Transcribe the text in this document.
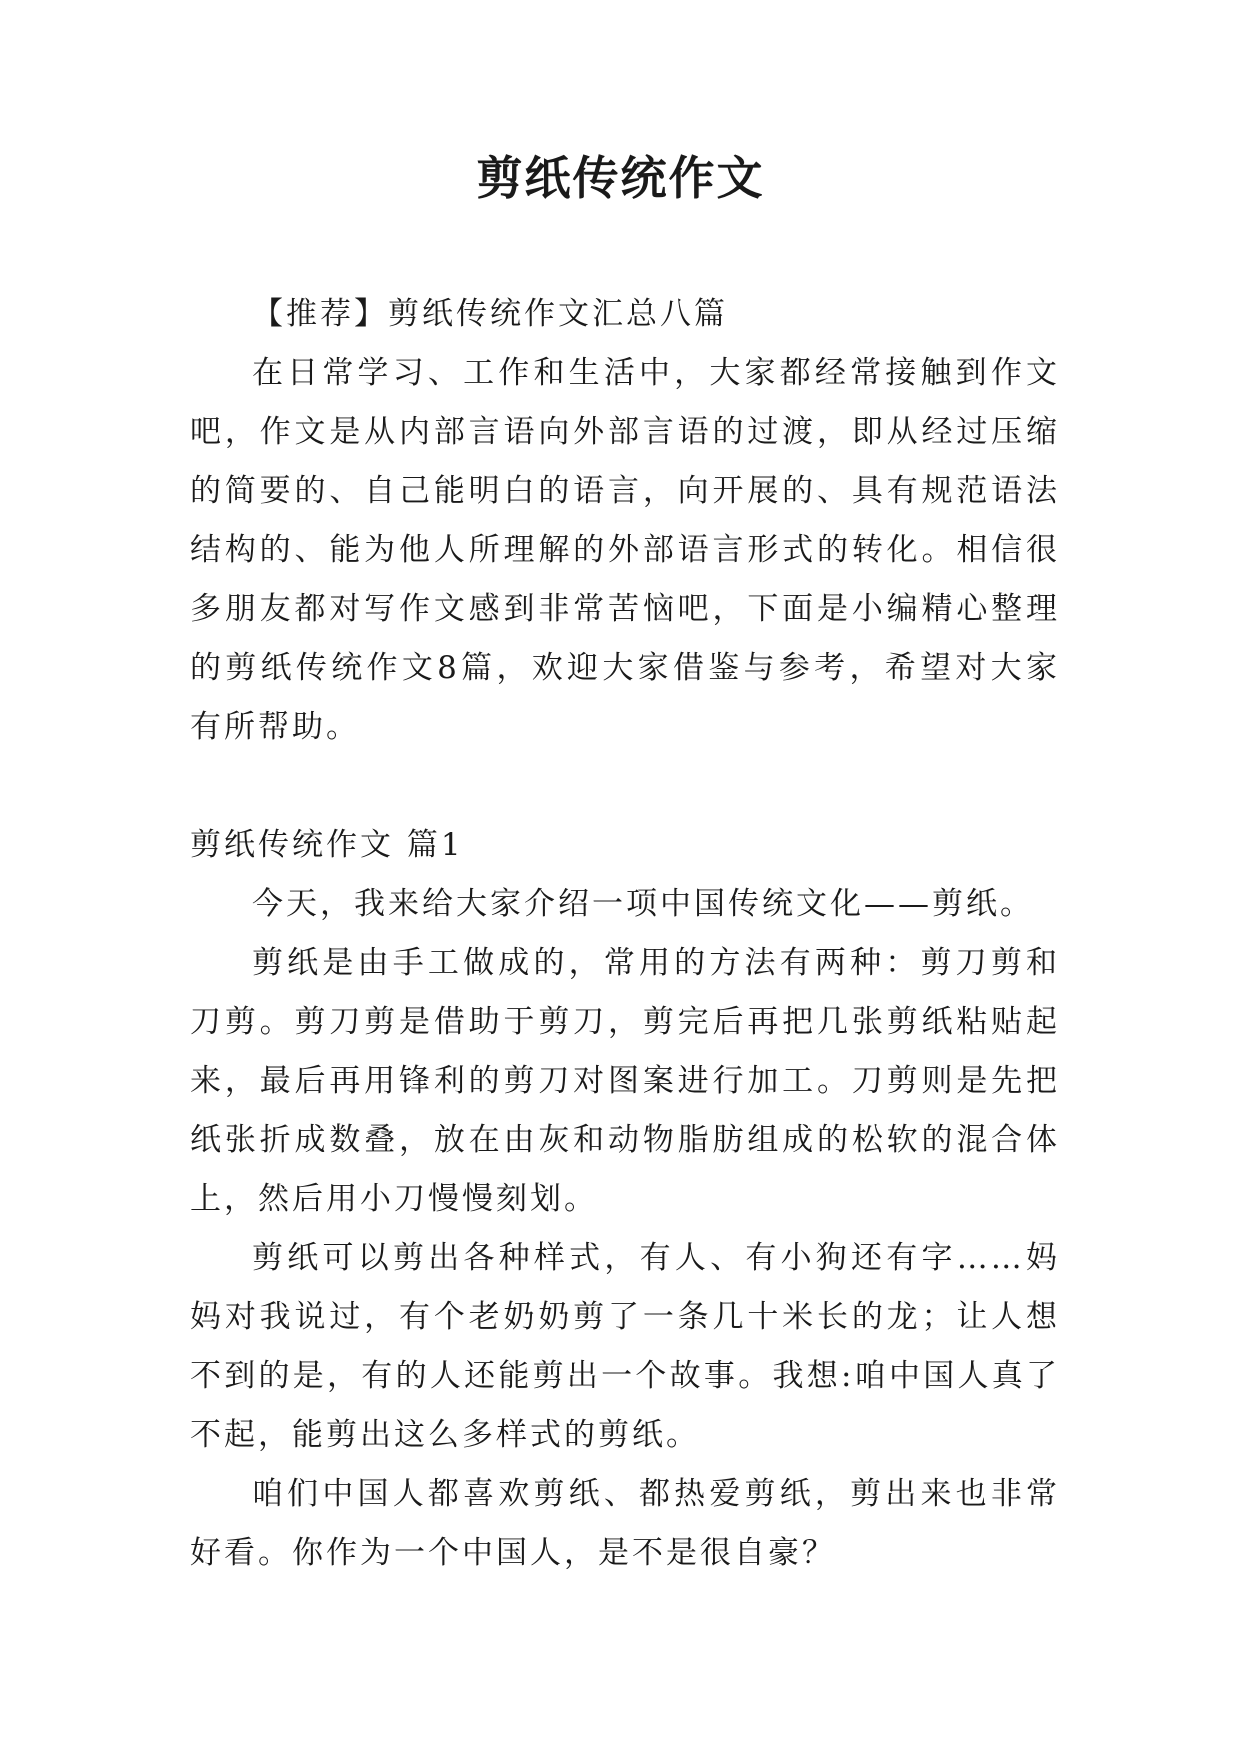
剪纸传统作文

【推荐】剪纸传统作文汇总八篇

在日常学习、工作和生活中，大家都经常接触到作文吧，作文是从内部言语向外部言语的过渡，即从经过压缩的简要的、自己能明白的语言，向开展的、具有规范语法结构的、能为他人所理解的外部语言形式的转化。相信很多朋友都对写作文感到非常苦恼吧，下面是小编精心整理的剪纸传统作文8篇，欢迎大家借鉴与参考，希望对大家有所帮助。

剪纸传统作文 篇1

今天，我来给大家介绍一项中国传统文化——剪纸。

剪纸是由手工做成的，常用的方法有两种：剪刀剪和刀剪。剪刀剪是借助于剪刀，剪完后再把几张剪纸粘贴起来，最后再用锋利的剪刀对图案进行加工。刀剪则是先把纸张折成数叠，放在由灰和动物脂肪组成的松软的混合体上，然后用小刀慢慢刻划。

剪纸可以剪出各种样式，有人、有小狗还有字……妈妈对我说过，有个老奶奶剪了一条几十米长的龙；让人想不到的是，有的人还能剪出一个故事。我想:咱中国人真了不起，能剪出这么多样式的剪纸。

咱们中国人都喜欢剪纸、都热爱剪纸，剪出来也非常好看。你作为一个中国人，是不是很自豪？
